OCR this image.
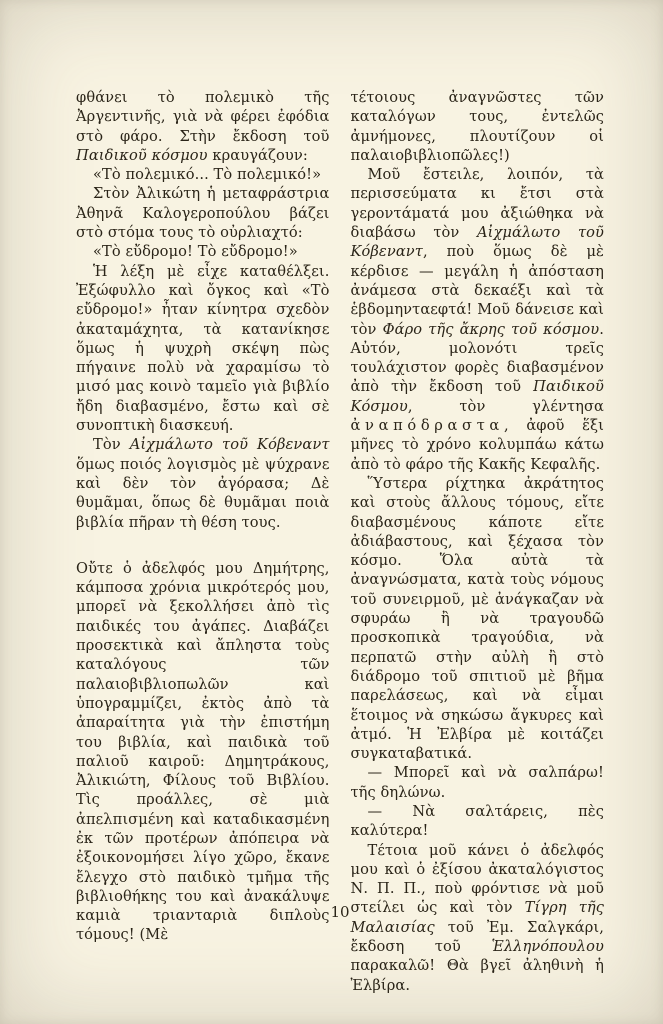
φθάνει τὸ πολεμικὸ τῆς Ἀργεντινῆς, γιὰ νὰ φέρει ἐφόδια στὸ φάρο. Στὴν ἔκδοση τοῦ Παιδικοῦ κόσμου κραυγάζουν:

«Τὸ πολεμικό... Τὸ πολεμικό!»

Στὸν Ἀλικώτη ἡ μεταφράστρια Ἀθηνᾶ Καλογεροπούλου βάζει στὸ στόμα τους τὸ οὐρλιαχτό:

«Τὸ εὔδρομο! Τὸ εὔδρομο!»

Ἡ λέξη μὲ εἶχε καταθέλξει. Ἐξώφυλλο καὶ ὄγκος καὶ «Τὸ εὔδρομο!» ἦταν κίνητρα σχεδὸν ἀκαταμάχητα, τὰ κατανίκησε ὅμως ἡ ψυχρὴ σκέψη πὼς πήγαινε πολὺ νὰ χαραμίσω τὸ μισό μας κοινὸ ταμεῖο γιὰ βιβλίο ἤδη διαβασμένο, ἔστω καὶ σὲ συνοπτικὴ διασκευή.

Τὸν Αἰχμάλωτο τοῦ Κόβεναντ ὅμως ποιός λογισμὸς μὲ ψύχρανε καὶ δὲν τὸν ἀγόρασα; Δὲ θυμᾶμαι, ὅπως δὲ θυμᾶμαι ποιὰ βιβλία πῆραν τὴ θέση τους.

Οὔτε ὁ ἀδελφός μου Δημήτρης, κάμποσα χρόνια μικρότερός μου, μπορεῖ νὰ ξεκολλήσει ἀπὸ τὶς παιδικές του ἀγάπες. Διαβάζει προσεκτικὰ καὶ ἄπληστα τοὺς καταλόγους τῶν παλαιοβιβλιοπωλῶν καὶ ὑπογραμμίζει, ἐκτὸς ἀπὸ τὰ ἀπαραίτητα γιὰ τὴν ἐπιστήμη του βιβλία, καὶ παιδικὰ τοῦ παλιοῦ καιροῦ: Δημητράκους, Ἀλικιώτη, Φίλους τοῦ Βιβλίου. Τὶς προάλλες, σὲ μιὰ ἀπελπισμένη καὶ καταδικασμένη ἐκ τῶν προτέρων ἀπόπειρα νὰ ἐξοικονομήσει λίγο χῶρο, ἔκανε ἔλεγχο στὸ παιδικὸ τμῆμα τῆς βιβλιοθήκης του καὶ ἀνακάλυψε καμιὰ τριανταριὰ διπλοὺς τόμους! (Μὲ

τέτοιους ἀναγνῶστες τῶν καταλόγων τους, ἐντελῶς ἀμνήμονες, πλουτίζουν οἱ παλαιοβιβλιοπῶλες!)

Μοῦ ἔστειλε, λοιπόν, τὰ περισσεύματα κι ἔτσι στὰ γεροντάματά μου ἀξιώθηκα νὰ διαβάσω τὸν Αἰχμάλωτο τοῦ Κόβεναντ, ποὺ ὅμως δὲ μὲ κέρδισε — μεγάλη ἡ ἀπόσταση ἀνάμεσα στὰ δεκαέξι καὶ τὰ ἑβδομηνταεφτά! Μοῦ δάνεισε καὶ τὸν Φάρο τῆς ἄκρης τοῦ κόσμου. Αὐτόν, μολονότι τρεῖς τουλάχιστον φορὲς διαβασμένον ἀπὸ τὴν ἔκδοση τοῦ Παιδικοῦ Κόσμου, τὸν γλέντησα ἀναπόδραστα, ἀφοῦ ἕξι μῆνες τὸ χρόνο κολυμπάω κάτω ἀπὸ τὸ φάρο τῆς Κακῆς Κεφαλῆς.

Ὕστερα ρίχτηκα ἀκράτητος καὶ στοὺς ἄλλους τόμους, εἴτε διαβασμένους κάποτε εἴτε ἀδιάβαστους, καὶ ξέχασα τὸν κόσμο. Ὅλα αὐτὰ τὰ ἀναγνώσματα, κατὰ τοὺς νόμους τοῦ συνειρμοῦ, μὲ ἀνάγκαζαν νὰ σφυράω ἢ νὰ τραγουδῶ προσκοπικὰ τραγούδια, νὰ περπατῶ στὴν αὐλὴ ἢ στὸ διάδρομο τοῦ σπιτιοῦ μὲ βῆμα παρελάσεως, καὶ νὰ εἶμαι ἕτοιμος νὰ σηκώσω ἄγκυρες καὶ ἀτμό. Ἡ Ἐλβίρα μὲ κοιτάζει συγκαταβατικά.

— Μπορεῖ καὶ νὰ σαλπάρω! τῆς δηλώνω.

— Νὰ σαλτάρεις, πὲς καλύτερα!

Τέτοια μοῦ κάνει ὁ ἀδελφός μου καὶ ὁ ἐξίσου ἀκαταλόγιστος Ν. Π. Π., ποὺ φρόντισε νὰ μοῦ στείλει ὡς καὶ τὸν Τίγρη τῆς Μαλαισίας τοῦ Ἐμ. Σαλγκάρι, ἔκδοση τοῦ Ἑλληνόπουλου παρακαλῶ! Θὰ βγεῖ ἀληθινὴ ἡ Ἐλβίρα.

10
